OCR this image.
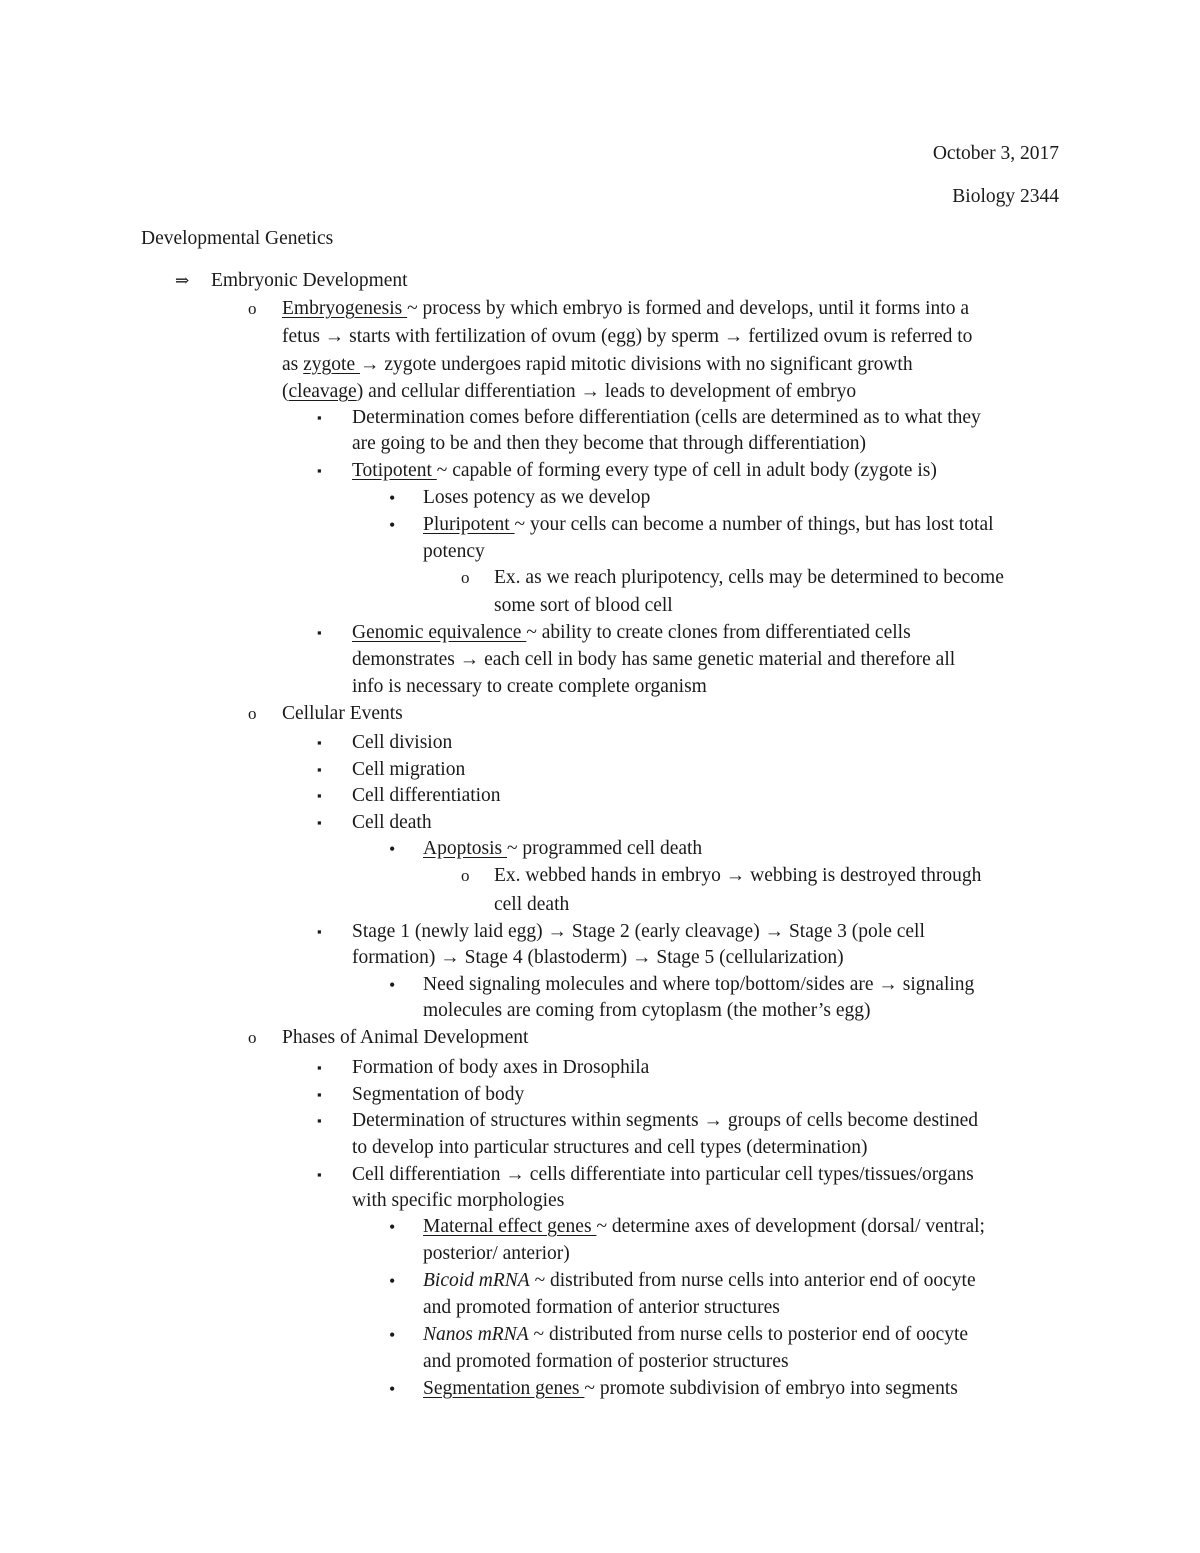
October 3, 2017
Biology 2344
Developmental Genetics
⇒ Embryonic Development
o Embryogenesis ~ process by which embryo is formed and develops, until it forms into a
fetus → starts with fertilization of ovum (egg) by sperm → fertilized ovum is referred to
as zygote → zygote undergoes rapid mitotic divisions with no significant growth
(cleavage) and cellular differentiation → leads to development of embryo
▪ Determination comes before differentiation (cells are determined as to what they
are going to be and then they become that through differentiation)
▪ Totipotent ~ capable of forming every type of cell in adult body (zygote is)
• Loses potency as we develop
• Pluripotent ~ your cells can become a number of things, but has lost total
potency
o Ex. as we reach pluripotency, cells may be determined to become
some sort of blood cell
▪ Genomic equivalence ~ ability to create clones from differentiated cells
demonstrates → each cell in body has same genetic material and therefore all
info is necessary to create complete organism
o Cellular Events
▪ Cell division
▪ Cell migration
▪ Cell differentiation
▪ Cell death
• Apoptosis ~ programmed cell death
o Ex. webbed hands in embryo → webbing is destroyed through
cell death
▪ Stage 1 (newly laid egg) → Stage 2 (early cleavage) → Stage 3 (pole cell
formation) → Stage 4 (blastoderm) → Stage 5 (cellularization)
• Need signaling molecules and where top/bottom/sides are → signaling
molecules are coming from cytoplasm (the mother’s egg)
o Phases of Animal Development
▪ Formation of body axes in Drosophila
▪ Segmentation of body
▪ Determination of structures within segments → groups of cells become destined
to develop into particular structures and cell types (determination)
▪ Cell differentiation → cells differentiate into particular cell types/tissues/organs
with specific morphologies
• Maternal effect genes ~ determine axes of development (dorsal/ ventral;
posterior/ anterior)
• Bicoid mRNA ~ distributed from nurse cells into anterior end of oocyte
and promoted formation of anterior structures
• Nanos mRNA ~ distributed from nurse cells to posterior end of oocyte
and promoted formation of posterior structures
• Segmentation genes ~ promote subdivision of embryo into segments
